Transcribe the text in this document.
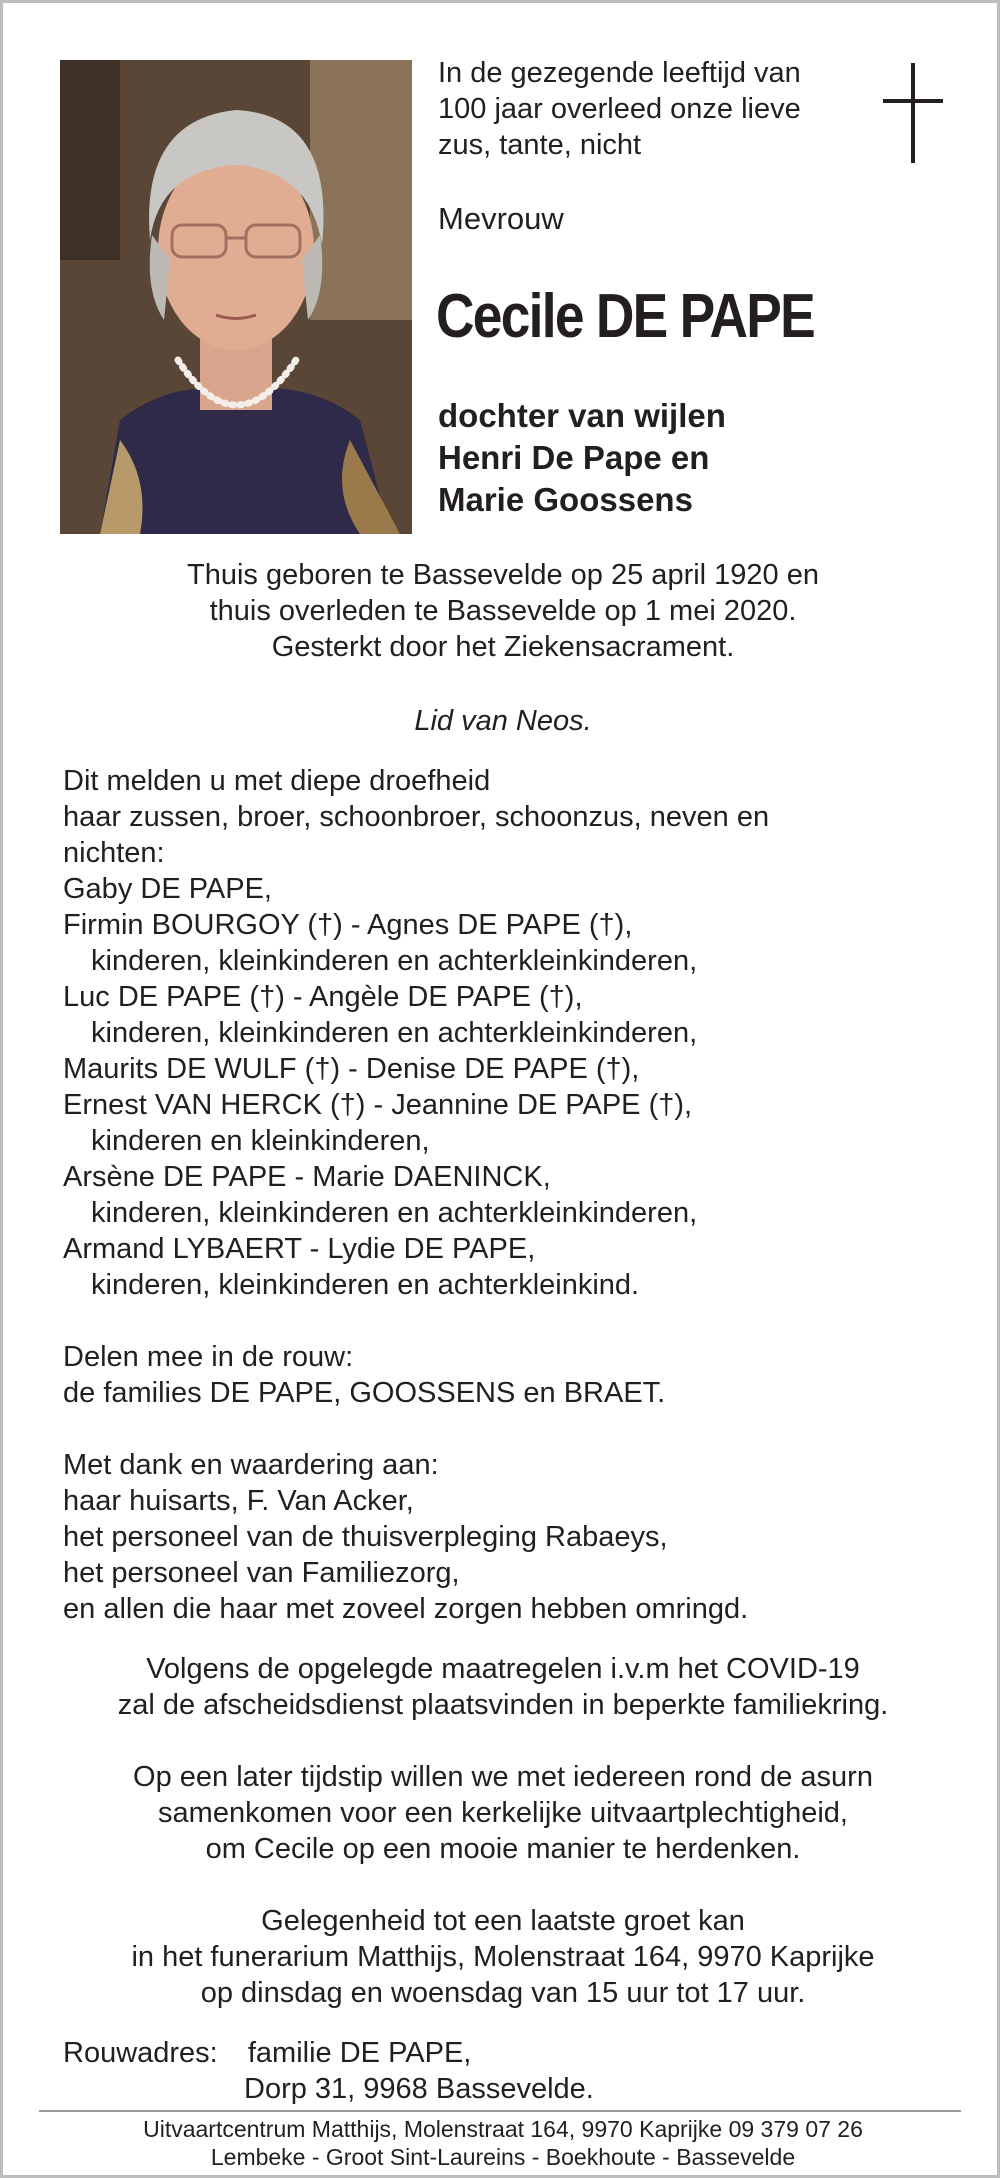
In de gezegende leeftijd van
100 jaar overleed onze lieve
zus, tante, nicht
Mevrouw
Cecile DE PAPE
dochter van wijlen
Henri De Pape en
Marie Goossens
Thuis geboren te Bassevelde op 25 april 1920 en
thuis overleden te Bassevelde op 1 mei 2020.
Gesterkt door het Ziekensacrament.
Lid van Neos.
Dit melden u met diepe droefheid
haar zussen, broer, schoonbroer, schoonzus, neven en
nichten:
Gaby DE PAPE,
Firmin BOURGOY (†) - Agnes DE PAPE (†),
kinderen, kleinkinderen en achterkleinkinderen,
Luc DE PAPE (†) - Angèle DE PAPE (†),
kinderen, kleinkinderen en achterkleinkinderen,
Maurits DE WULF (†) - Denise DE PAPE (†),
Ernest VAN HERCK (†) - Jeannine DE PAPE (†),
kinderen en kleinkinderen,
Arsène DE PAPE - Marie DAENINCK,
kinderen, kleinkinderen en achterkleinkinderen,
Armand LYBAERT - Lydie DE PAPE,
kinderen, kleinkinderen en achterkleinkind.
Delen mee in de rouw:
de families DE PAPE, GOOSSENS en BRAET.
Met dank en waardering aan:
haar huisarts, F. Van Acker,
het personeel van de thuisverpleging Rabaeys,
het personeel van Familiezorg,
en allen die haar met zoveel zorgen hebben omringd.
Volgens de opgelegde maatregelen i.v.m het COVID-19
zal de afscheidsdienst plaatsvinden in beperkte familiekring.
Op een later tijdstip willen we met iedereen rond de asurn
samenkomen voor een kerkelijke uitvaartplechtigheid,
om Cecile op een mooie manier te herdenken.
Gelegenheid tot een laatste groet kan
in het funerarium Matthijs, Molenstraat 164, 9970 Kaprijke
op dinsdag en woensdag van 15 uur tot 17 uur.
Rouwadres: familie DE PAPE,
Dorp 31, 9968 Bassevelde.
Uitvaartcentrum Matthijs, Molenstraat 164, 9970 Kaprijke 09 379 07 26
Lembeke - Groot Sint-Laureins - Boekhoute - Bassevelde
